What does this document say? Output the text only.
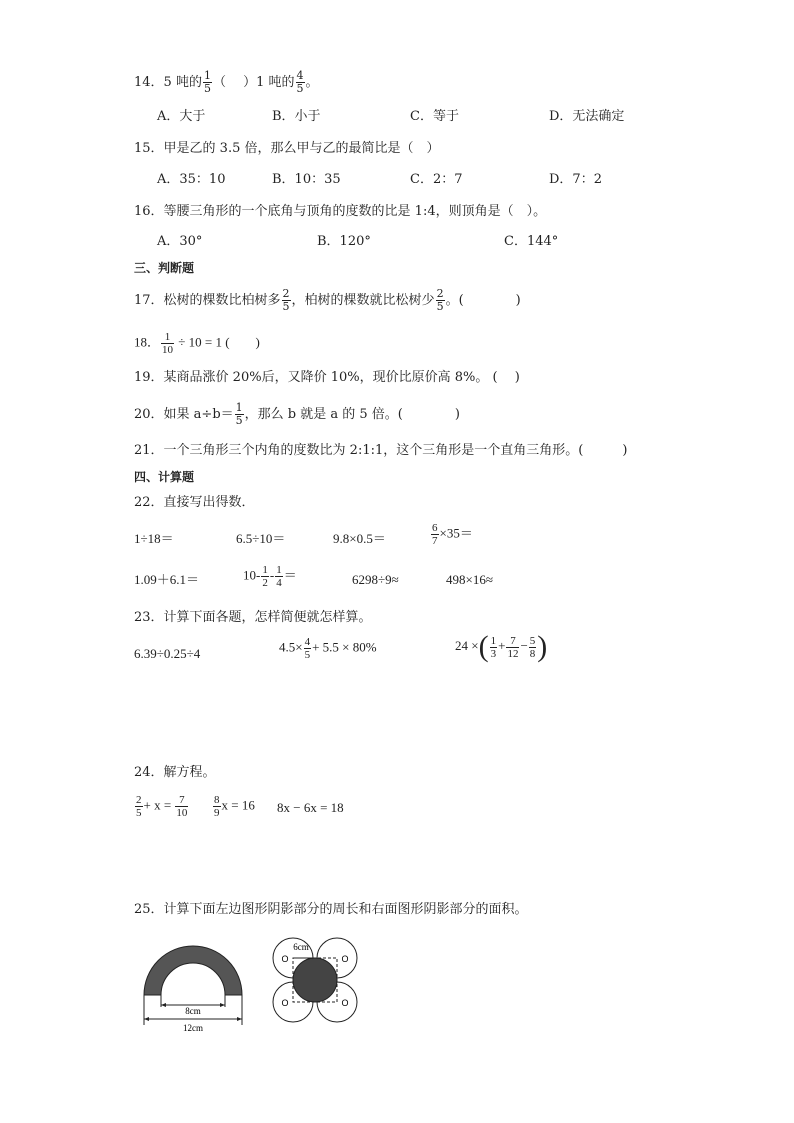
14．5 吨的 $\frac{1}{5}$ （　 ）1 吨的 $\frac{4}{5}$ 。
A．大于	B．小于	C．等于	D．无法确定
15．甲是乙的 3.5 倍，那么甲与乙的最简比是（　）
A．35：10	B．10：35	C．2：7	D．7：2
16．等腰三角形的一个底角与顶角的度数的比是 1:4，则顶角是（　）。
A．30°	B．120°	C．144°
三、判断题
17．松树的棵数比柏树多 $\frac{2}{5}$ ，柏树的棵数就比松树少 $\frac{2}{5}$ 。(　　　　)
18． $\frac{1}{10} \div 10 = 1$ (　　)
19．某商品涨价 20%后，又降价 10%，现价比原价高 8%。 (　 )
20．如果 $a\div b= \frac{1}{5}$ ，那么 b 就是 a 的 5 倍。(　　　　)
21．一个三角形三个内角的度数比为 2:1:1，这个三角形是一个直角三角形。(　　　)
四、计算题
22．直接写出得数．
1÷18＝	6.5÷10＝	9.8×0.5＝	$\frac{6}{7} \times 35=$
1.09＋6.1＝	$10- \frac{1}{2} - \frac{1}{4}$ ＝	6298÷9≈	498×16≈
23．计算下面各题，怎样简便就怎样算。
6.39÷0.25÷4	$4.5\times \frac{4}{5} + 5.5 \times 80\%$	24 ×( $\frac{1}{3} + \frac{7}{12} - \frac{5}{8}$ )
24．解方程。
$\frac{2}{5} + x = \frac{7}{10} \frac{8}{9}$ x = 16 8x − 6x = 18
25．计算下面左边图形阴影部分的周长和右面图形阴影部分的面积。
8cm
12cm
6cm
O	O
O	O
